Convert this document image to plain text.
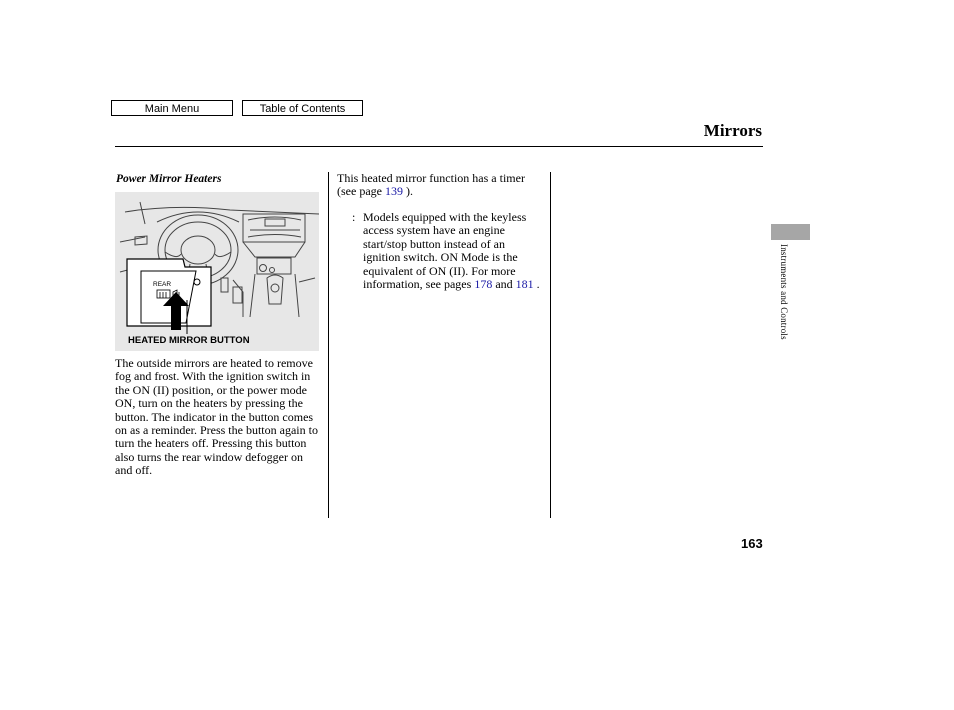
Main Menu	Table of Contents
Mirrors
Instruments and Controls
Power Mirror Heaters
REAR
HEATED MIRROR BUTTON
The outside mirrors are heated to remove fog and frost. With the ignition switch in the ON (II) position, or the power mode ON, turn on the heaters by pressing the button. The indicator in the button comes on as a reminder. Press the button again to turn the heaters off. Pressing this button also turns the rear window defogger on and off.
This heated mirror function has a timer (see page 139 ).
: Models equipped with the keyless access system have an engine start/stop button instead of an ignition switch. ON Mode is the equivalent of ON (II). For more information, see pages 178 and 181 .
163
